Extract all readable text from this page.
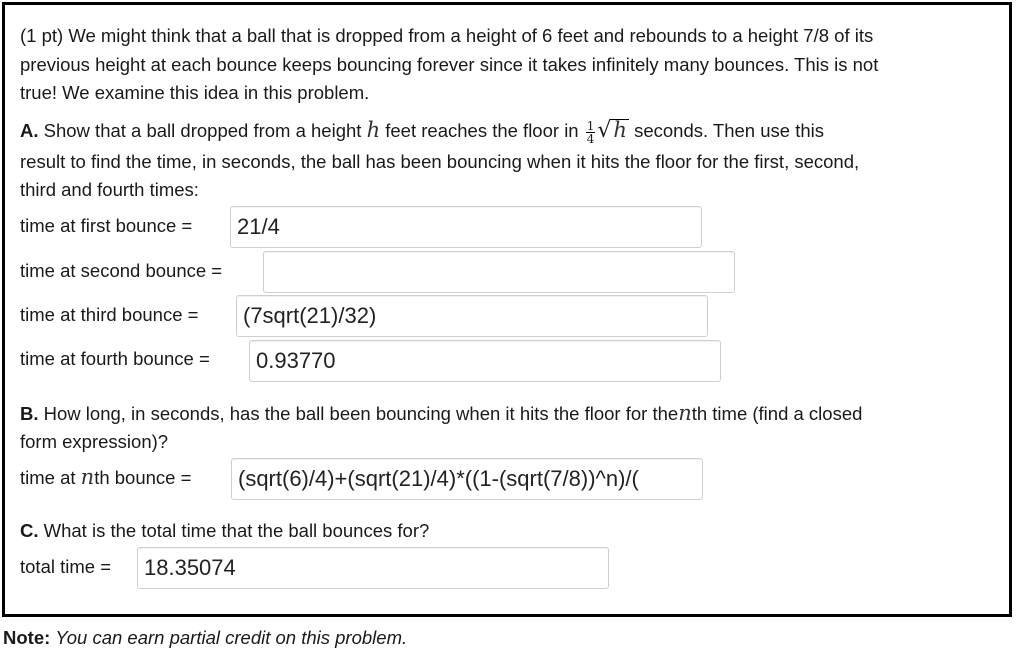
(1 pt) We might think that a ball that is dropped from a height of 6 feet and rebounds to a height 7/8 of its
previous height at each bounce keeps bouncing forever since it takes infinitely many bounces. This is not
true! We examine this idea in this problem.
A. Show that a ball dropped from a height h feet reaches the floor in $\frac{1}{4} √h$ seconds. Then use this
result to find the time, in seconds, the ball has been bouncing when it hits the floor for the first, second,
third and fourth times:
time at first bounce =	21/4
time at second bounce =
time at third bounce =	(7sqrt(21)/32)
time at fourth bounce =	0.93770
B. How long, in seconds, has the ball been bouncing when it hits the floor for thenth time (find a closed
form expression)?
time at nth bounce =	(sqrt(6)/4)+(sqrt(21)/4)*((1-(sqrt(7/8))^n)/(
C. What is the total time that the ball bounces for?
total time =	18.35074
Note: You can earn partial credit on this problem.
